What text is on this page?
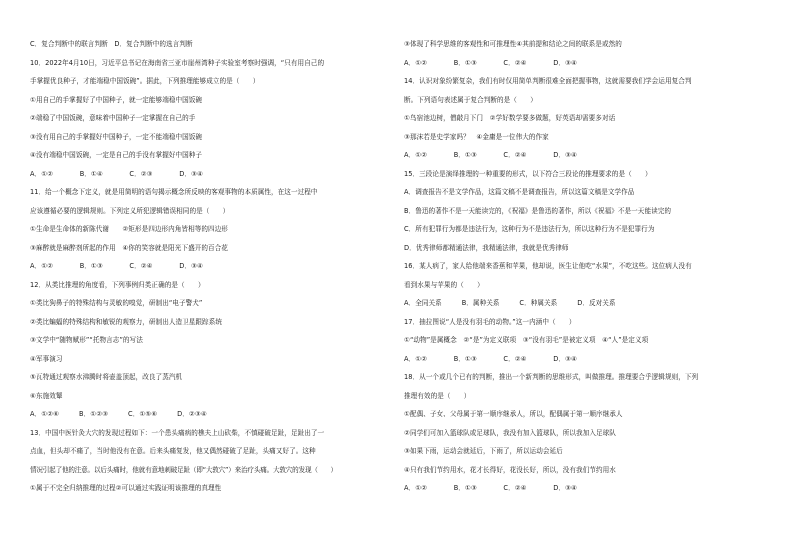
C．复合判断中的联言判断　D．复合判断中的选言判断
10．2022年4月10日，习近平总书记在海南省三亚市崖州湾种子实验室考察时强调，“只有用自己的
手掌握优良种子，才能端稳中国饭碗”。据此，下列推理能够成立的是（　　）
①用自己的手掌握好了中国种子，就一定能够端稳中国饭碗
②端稳了中国饭碗，意味着中国种子一定掌握在自己的手
③没有用自己的手掌握好中国种子，一定不能端稳中国饭碗
④没有端稳中国饭碗，一定是自己的手没有掌握好中国种子
A．①②　　　　B．①④　　　　C．②③　　　　D．③④
11．给一个概念下定义，就是用简明的语句揭示概念所反映的客观事物的本质属性，在这一过程中
应该遵循必要的逻辑规则。下列定义所犯逻辑错误相同的是（　　）
①生命是生命体的新陈代谢　　②矩形是四边形内角皆相等的四边形
③麻醉就是麻醉剂所起的作用　④你的笑容就是阳光下盛开的百合花
A．①②　　　　B．①③　　　　C．②④　　　　D．③④
12．从类比推理的角度看，下列事例归类正确的是（　　）
①类比狗鼻子的特殊结构与灵敏的嗅觉，研制出“电子警犬”
②类比蝙蝠的特殊结构和敏锐的观察力，研制出人造卫星跟踪系统
③文学中“随物赋形”“托物言志”的写法
④军事演习
⑤瓦特通过观察水沸腾时将壶盖顶起，改良了蒸汽机
⑥东施效颦
A．①②⑥　　　B．①②③　　　C．①⑤⑥　　　D．②③④
13．中国中医针灸大穴的发现过程如下：一个患头痛病的樵夫上山砍柴，不慎碰破足趾，足趾出了一
点血，但头却不痛了，当时他没有在意。后来头痛复发，他又偶然碰破了足趾，头痛又好了。这种
情况引起了他的注意。以后头痛时，他就有意地刺破足趾（即“大敦穴”）来治疗头痛。大敦穴的发现（　　）
①属于不完全归纳推理的过程②可以通过实践证明该推理的真理性
③体现了科学思维的客观性和可推理性④其前提和结论之间的联系是或然的
A．①②　　　　B．①③　　　　C．②④　　　　D．③④
14．认识对象纷繁复杂，我们有时仅用简单判断很难全面把握事物，这就需要我们学会运用复合判
断。下列语句表述属于复合判断的是（　　）
①鸟宿池边树，僧敲月下门　②学好数学要多做题，好英语却需要多对话
③那沫若是史学家吗？　④金庸是一位伟大的作家
A．①②　　　　B．①③　　　　C．②④　　　　D．③④
15．三段论是演绎推理的一种重要的形式，以下符合三段论的推理要求的是（　　）
A．调查报告不是文学作品，这篇文稿不是调查报告，所以这篇文稿是文学作品
B．鲁迅的著作不是一天能读完的，《祝福》是鲁迅的著作，所以《祝福》不是一天能读完的
C．所有犯罪行为都是违法行为，这种行为不是违法行为，所以这种行为不是犯罪行为
D．优秀律师都精通法律，我精通法律，我就是优秀律师
16．某人病了，家人给他端来香蕉和苹果，他却说，医生让他吃“水果”，不吃这些。这位病人没有
看到水果与苹果的（　　）
A．全同关系　　　B．属种关系　　　C．种属关系　　　D．反对关系
17．抽拉图说“人是没有羽毛的动物。”这一内涵中（　　）
①“动物”是属概念　②“是”为定义联项　③“没有羽毛”是被定义项　④“人”是定义项
A．①②　　　　B．①③　　　　C．②④　　　　D．③④
18．从一个或几个已有的判断，推出一个新判断的思维形式，叫做推理。推理要合乎逻辑规则，下列
推理有效的是（　　）
①配偶、子女、父母属于第一顺序继承人，所以，配偶属于第一顺序继承人
②同学们可加入篮球队或足球队，我没有加入篮球队，所以我加入足球队
③如果下雨，运动会就延后，下雨了，所以运动会延后
④只有我们节约用水，花才长得好，花没长好，所以，没有我们节约用水
A．①②　　　　B．①③　　　　C．②④　　　　D．③④
